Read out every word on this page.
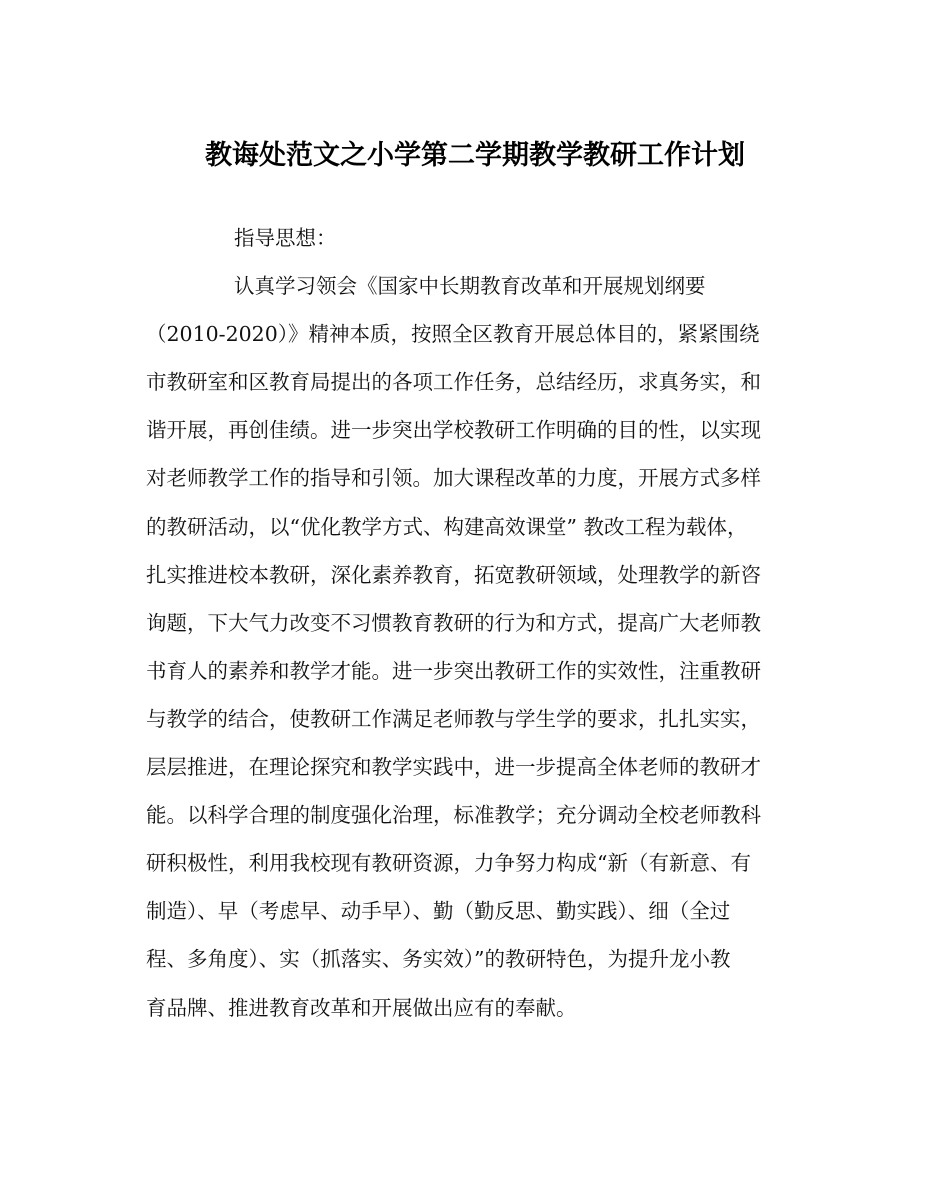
教诲处范文之小学第二学期教学教研工作计划
指导思想：
认真学习领会《国家中长期教育改革和开展规划纲要
（2010-2020）》精神本质，按照全区教育开展总体目的，紧紧围绕
市教研室和区教育局提出的各项工作任务，总结经历，求真务实，和
谐开展，再创佳绩。进一步突出学校教研工作明确的目的性，以实现
对老师教学工作的指导和引领。加大课程改革的力度，开展方式多样
的教研活动，以“优化教学方式、构建高效课堂” 教改工程为载体，
扎实推进校本教研，深化素养教育，拓宽教研领域，处理教学的新咨
询题，下大气力改变不习惯教育教研的行为和方式，提高广大老师教
书育人的素养和教学才能。进一步突出教研工作的实效性，注重教研
与教学的结合，使教研工作满足老师教与学生学的要求，扎扎实实，
层层推进，在理论探究和教学实践中，进一步提高全体老师的教研才
能。以科学合理的制度强化治理，标准教学；充分调动全校老师教科
研积极性，利用我校现有教研资源，力争努力构成“新（有新意、有
制造）、早（考虑早、动手早）、勤（勤反思、勤实践）、细（全过
程、多角度）、实（抓落实、务实效）”的教研特色，为提升龙小教
育品牌、推进教育改革和开展做出应有的奉献。
